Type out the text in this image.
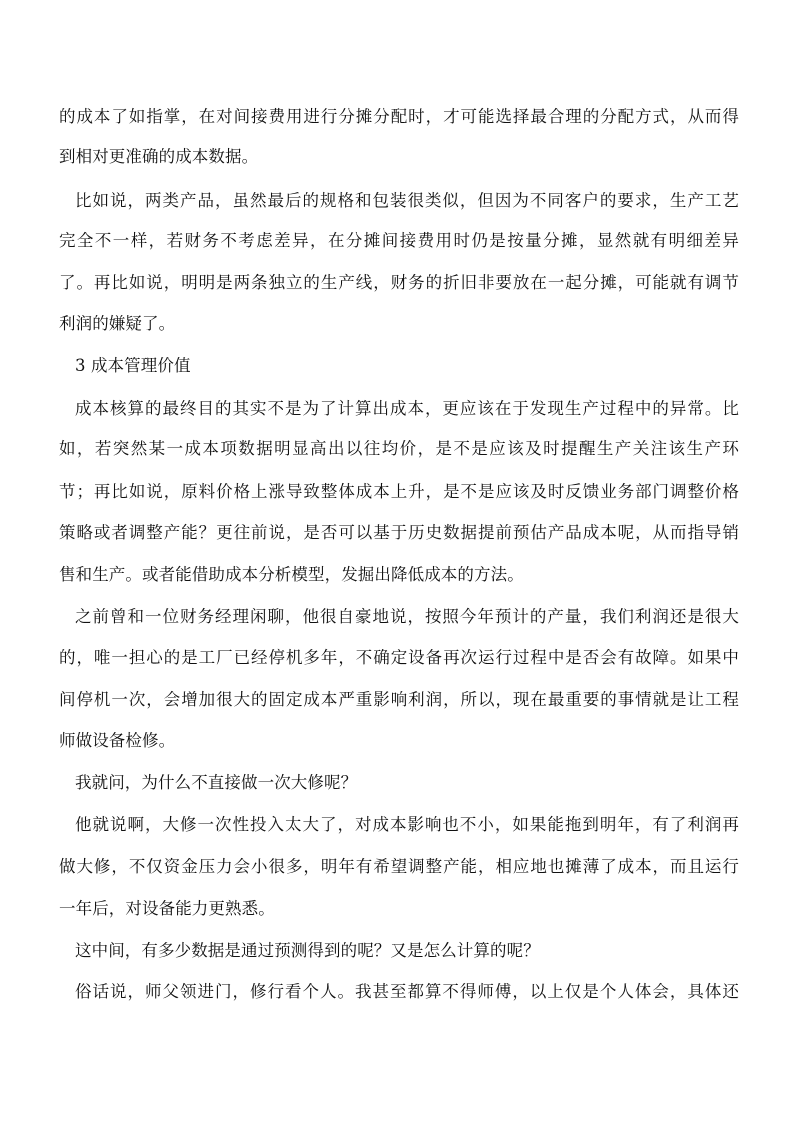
的成本了如指掌，在对间接费用进行分摊分配时，才可能选择最合理的分配方式，从而得
到相对更准确的成本数据。
比如说，两类产品，虽然最后的规格和包装很类似，但因为不同客户的要求，生产工艺
完全不一样，若财务不考虑差异，在分摊间接费用时仍是按量分摊，显然就有明细差异
了。再比如说，明明是两条独立的生产线，财务的折旧非要放在一起分摊，可能就有调节
利润的嫌疑了。
3 成本管理价值
成本核算的最终目的其实不是为了计算出成本，更应该在于发现生产过程中的异常。比
如，若突然某一成本项数据明显高出以往均价，是不是应该及时提醒生产关注该生产环
节；再比如说，原料价格上涨导致整体成本上升，是不是应该及时反馈业务部门调整价格
策略或者调整产能？更往前说，是否可以基于历史数据提前预估产品成本呢，从而指导销
售和生产。或者能借助成本分析模型，发掘出降低成本的方法。
之前曾和一位财务经理闲聊，他很自豪地说，按照今年预计的产量，我们利润还是很大
的，唯一担心的是工厂已经停机多年，不确定设备再次运行过程中是否会有故障。如果中
间停机一次，会增加很大的固定成本严重影响利润，所以，现在最重要的事情就是让工程
师做设备检修。
我就问，为什么不直接做一次大修呢？
他就说啊，大修一次性投入太大了，对成本影响也不小，如果能拖到明年，有了利润再
做大修，不仅资金压力会小很多，明年有希望调整产能，相应地也摊薄了成本，而且运行
一年后，对设备能力更熟悉。
这中间，有多少数据是通过预测得到的呢？又是怎么计算的呢？
俗话说，师父领进门，修行看个人。我甚至都算不得师傅，以上仅是个人体会，具体还
